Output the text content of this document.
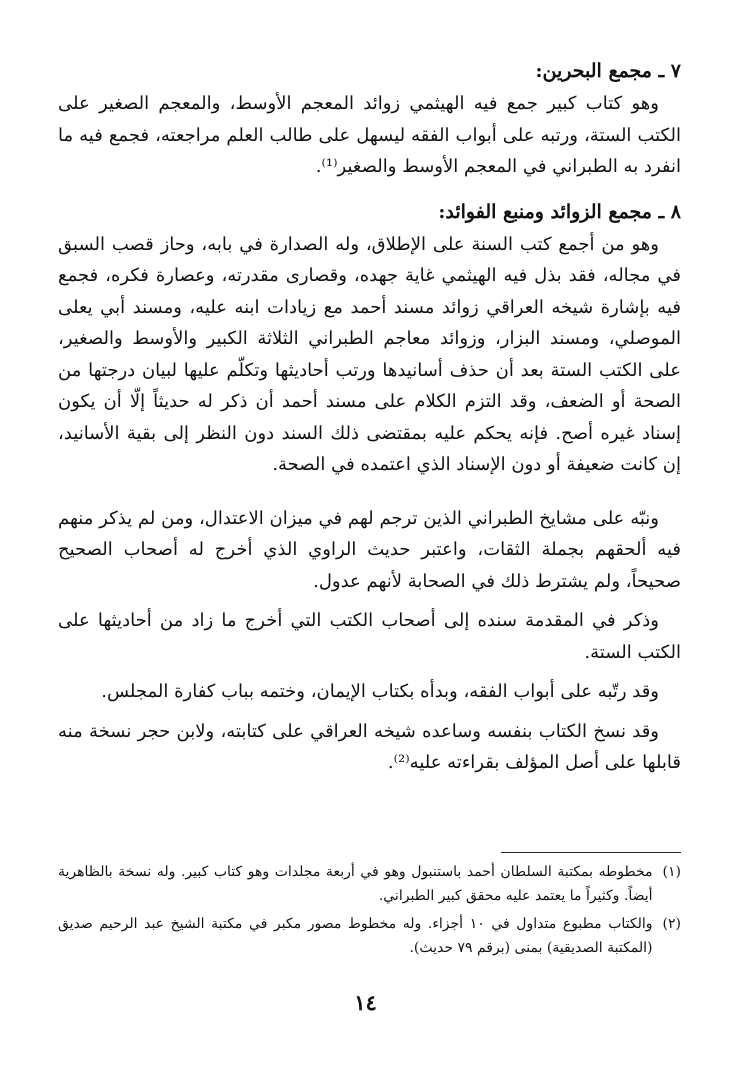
٧ ـ مجمع البحرين:

وهو كتاب كبير جمع فيه الهيثمي زوائد المعجم الأوسط، والمعجم الصغير على الكتب الستة، ورتبه على أبواب الفقه ليسهل على طالب العلم مراجعته، فجمع فيه ما انفرد به الطبراني في المعجم الأوسط والصغير⁽¹⁾.

٨ ـ مجمع الزوائد ومنبع الفوائد:

وهو من أجمع كتب السنة على الإطلاق، وله الصدارة في بابه، وحاز قصب السبق في مجاله، فقد بذل فيه الهيثمي غاية جهده، وقصارى مقدرته، وعصارة فكره، فجمع فيه بإشارة شيخه العراقي زوائد مسند أحمد مع زيادات ابنه عليه، ومسند أبي يعلى الموصلي، ومسند البزار، وزوائد معاجم الطبراني الثلاثة الكبير والأوسط والصغير، على الكتب الستة بعد أن حذف أسانيدها ورتب أحاديثها وتكلّم عليها لبيان درجتها من الصحة أو الضعف، وقد التزم الكلام على مسند أحمد أن ذكر له حديثاً إلّا أن يكون إسناد غيره أصح. فإنه يحكم عليه بمقتضى ذلك السند دون النظر إلى بقية الأسانيد، إن كانت ضعيفة أو دون الإسناد الذي اعتمده في الصحة.

ونبّه على مشايخ الطبراني الذين ترجم لهم في ميزان الاعتدال، ومن لم يذكر منهم فيه ألحقهم بجملة الثقات، واعتبر حديث الراوي الذي أخرج له أصحاب الصحيح صحيحاً، ولم يشترط ذلك في الصحابة لأنهم عدول.

وذكر في المقدمة سنده إلى أصحاب الكتب التي أخرج ما زاد من أحاديثها على الكتب الستة.

وقد رتّبه على أبواب الفقه، وبدأه بكتاب الإيمان، وختمه بباب كفارة المجلس.

وقد نسخ الكتاب بنفسه وساعده شيخه العراقي على كتابته، ولابن حجر نسخة منه قابلها على أصل المؤلف بقراءته عليه⁽²⁾.

(١)
مخطوطه بمكتبة السلطان أحمد باستنبول وهو في أربعة مجلدات وهو كتاب كبير. وله نسخة بالظاهرية أيضاً. وكثيراً ما يعتمد عليه محقق كبير الطبراني.
(٢)
والكتاب مطبوع متداول في ١٠ أجزاء. وله مخطوط مصور مكبر في مكتبة الشيخ عبد الرحيم صديق (المكتبة الصديقية) بمنى (برقم ٧٩ حديث).
١٤
